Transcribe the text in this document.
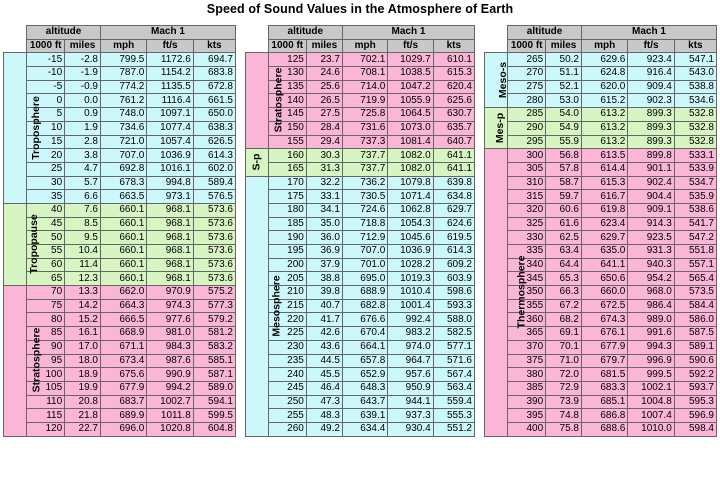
Speed of Sound Values in the Atmosphere of Earth
	altitude		Mach 1		
	1000 ft	miles	mph	ft/s	kts
Troposphere	-15	-2.8	799.5	1172.6	694.7
	-10	-1.9	787.0	1154.2	683.8
	-5	-0.9	774.2	1135.5	672.8
	0	0.0	761.2	1116.4	661.5
	5	0.9	748.0	1097.1	650.0
	10	1.9	734.6	1077.4	638.3
	15	2.8	721.0	1057.4	626.5
	20	3.8	707.0	1036.9	614.3
	25	4.7	692.8	1016.1	602.0
	30	5.7	678.3	994.8	589.4
	35	6.6	663.5	973.1	576.5
Tropopause	40	7.6	660.1	968.1	573.6
	45	8.5	660.1	968.1	573.6
	50	9.5	660.1	968.1	573.6
	55	10.4	660.1	968.1	573.6
	60	11.4	660.1	968.1	573.6
	65	12.3	660.1	968.1	573.6
Stratosphere	70	13.3	662.0	970.9	575.2
	75	14.2	664.3	974.3	577.3
	80	15.2	666.5	977.6	579.2
	85	16.1	668.9	981.0	581.2
	90	17.0	671.1	984.3	583.2
	95	18.0	673.4	987.6	585.1
	100	18.9	675.6	990.9	587.1
	105	19.9	677.9	994.2	589.0
	110	20.8	683.7	1002.7	594.1
	115	21.8	689.9	1011.8	599.5
	120	22.7	696.0	1020.8	604.8
	altitude		Mach 1		
	1000 ft	miles	mph	ft/s	kts
Stratosphere	125	23.7	702.1	1029.7	610.1
	130	24.6	708.1	1038.5	615.3
	135	25.6	714.0	1047.2	620.4
	140	26.5	719.9	1055.9	625.6
	145	27.5	725.8	1064.5	630.7
	150	28.4	731.6	1073.0	635.7
	155	29.4	737.3	1081.4	640.7
S-p	160	30.3	737.7	1082.0	641.1
	165	31.3	737.7	1082.0	641.1
Mesosphere	170	32.2	736.2	1079.8	639.8
	175	33.1	730.5	1071.4	634.8
	180	34.1	724.6	1062.8	629.7
	185	35.0	718.8	1054.3	624.6
	190	36.0	712.9	1045.6	619.5
	195	36.9	707.0	1036.9	614.3
	200	37.9	701.0	1028.2	609.2
	205	38.8	695.0	1019.3	603.9
	210	39.8	688.9	1010.4	598.6
	215	40.7	682.8	1001.4	593.3
	220	41.7	676.6	992.4	588.0
	225	42.6	670.4	983.2	582.5
	230	43.6	664.1	974.0	577.1
	235	44.5	657.8	964.7	571.6
	240	45.5	652.9	957.6	567.4
	245	46.4	648.3	950.9	563.4
	250	47.3	643.7	944.1	559.4
	255	48.3	639.1	937.3	555.3
	260	49.2	634.4	930.4	551.2
	altitude		Mach 1		
	1000 ft	miles	mph	ft/s	kts
Meso-s	265	50.2	629.6	923.4	547.1
	270	51.1	624.8	916.4	543.0
	275	52.1	620.0	909.4	538.8
	280	53.0	615.2	902.3	534.6
Mes-p	285	54.0	613.2	899.3	532.8
	290	54.9	613.2	899.3	532.8
	295	55.9	613.2	899.3	532.8
Thermosphere	300	56.8	613.5	899.8	533.1
	305	57.8	614.4	901.1	533.9
	310	58.7	615.3	902.4	534.7
	315	59.7	616.7	904.4	535.9
	320	60.6	619.8	909.1	538.6
	325	61.6	623.4	914.3	541.7
	330	62.5	629.7	923.5	547.2
	335	63.4	635.0	931.3	551.8
	340	64.4	641.1	940.3	557.1
	345	65.3	650.6	954.2	565.4
	350	66.3	660.0	968.0	573.5
	355	67.2	672.5	986.4	584.4
	360	68.2	674.3	989.0	586.0
	365	69.1	676.1	991.6	587.5
	370	70.1	677.9	994.3	589.1
	375	71.0	679.7	996.9	590.6
	380	72.0	681.5	999.5	592.2
	385	72.9	683.3	1002.1	593.7
	390	73.9	685.1	1004.8	595.3
	395	74.8	686.8	1007.4	596.9
	400	75.8	688.6	1010.0	598.4
